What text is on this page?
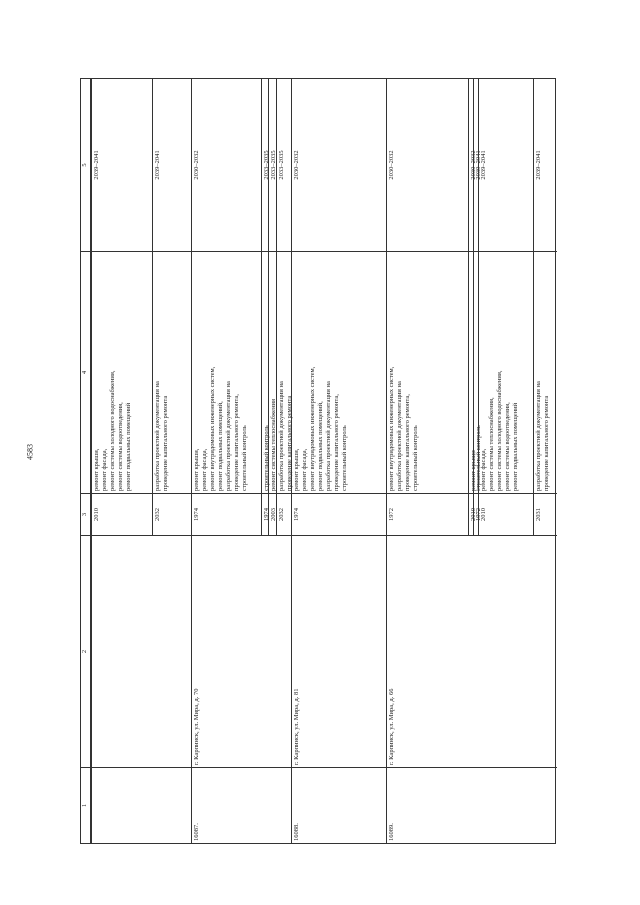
4583
1
2
3
4
5
16087.
г. Карпинск, ул. Мира, д. 70
16088.
г. Карпинск, ул. Мира, д. 81
16089.
г. Карпинск, ул. Мира, д. 66
2010
ремонт крыши, ремонт фасада, ремонт системы холодного водоснабжения, ремонт системы водоотведения, ремонт подвальных помещений
2039–2041
2032
разработка проектной документации на проведение капитального ремонта
2039–2041
1974
ремонт крыши, ремонт фасада, ремонт внутридомовых инженерных систем, ремонт подвальных помещений, разработка проектной документации на проведение капитального ремонта, строительный контроль
2030–2032
1974
строительный контроль
2033–2035
2003
ремонт системы теплоснабжения
2033–2035
2032
разработка проектной документации на проведение капитального ремонта
2033–2035
1974
ремонт крыши, ремонт фасада, ремонт внутридомовых инженерных систем, ремонт подвальных помещений, разработка проектной документации на проведение капитального ремонта, строительный контроль
2030–2032
1972
ремонт внутридомовых инженерных систем, разработка проектной документации на проведение капитального ремонта, строительный контроль
2030–2032
2010
ремонт крыши
2030–2032
1972
строительный контроль
2039–2041
2010
ремонт фасада, ремонт системы теплоснабжения, ремонт системы холодного водоснабжения, ремонт системы водоотведения, ремонт подвальных помещений
2039–2041
2031
разработка проектной документации на проведение капитального ремонта
2039–2041
